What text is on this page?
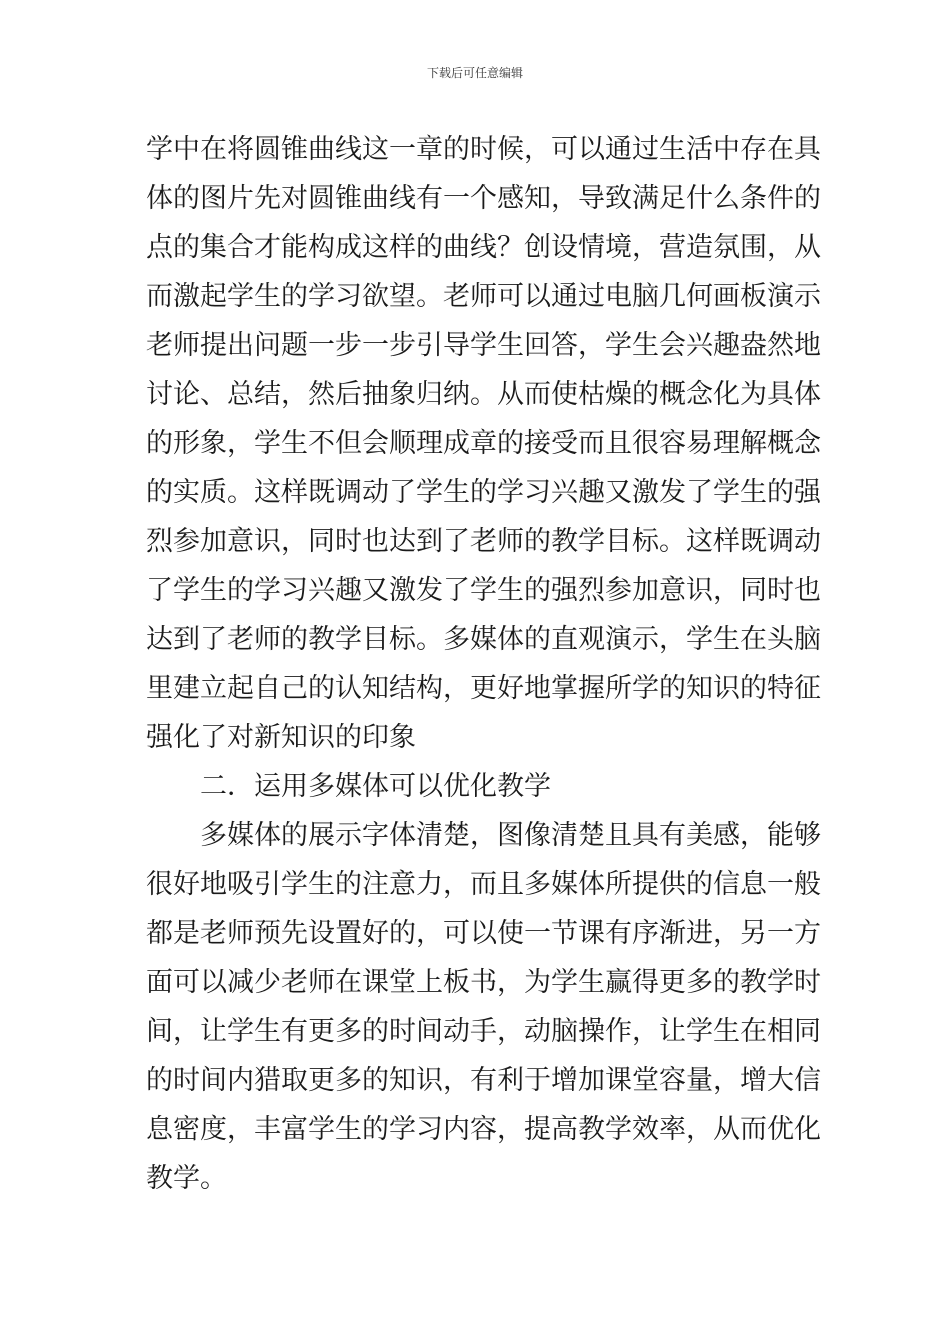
下载后可任意编辑
学中在将圆锥曲线这一章的时候，可以通过生活中存在具
体的图片先对圆锥曲线有一个感知，导致满足什么条件的
点的集合才能构成这样的曲线？创设情境，营造氛围，从
而激起学生的学习欲望。老师可以通过电脑几何画板演示
老师提出问题一步一步引导学生回答，学生会兴趣盎然地
讨论、总结，然后抽象归纳。从而使枯燥的概念化为具体
的形象，学生不但会顺理成章的接受而且很容易理解概念
的实质。这样既调动了学生的学习兴趣又激发了学生的强
烈参加意识，同时也达到了老师的教学目标。这样既调动
了学生的学习兴趣又激发了学生的强烈参加意识，同时也
达到了老师的教学目标。多媒体的直观演示，学生在头脑
里建立起自己的认知结构，更好地掌握所学的知识的特征
强化了对新知识的印象
二．运用多媒体可以优化教学
多媒体的展示字体清楚，图像清楚且具有美感，能够
很好地吸引学生的注意力，而且多媒体所提供的信息一般
都是老师预先设置好的，可以使一节课有序渐进，另一方
面可以减少老师在课堂上板书，为学生赢得更多的教学时
间，让学生有更多的时间动手，动脑操作，让学生在相同
的时间内猎取更多的知识，有利于增加课堂容量，增大信
息密度，丰富学生的学习内容，提高教学效率，从而优化
教学。
